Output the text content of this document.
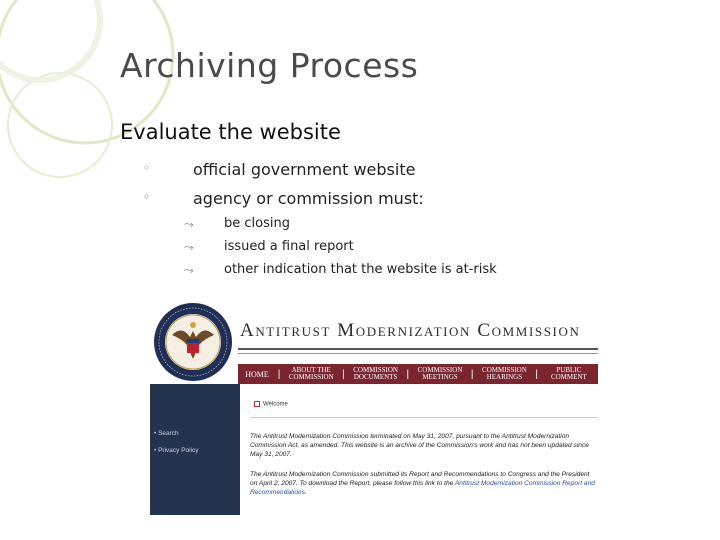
Archiving Process
Evaluate the website
◦	official government website
◦	agency or commission must:
⤳ be closing
⤳ issued a final report
⤳ other indication that the website is at-risk
Antitrust Modernization Commission
HOME |	ABOUT THE
COMMISSION |	COMMISSION
DOCUMENTS |	COMMISSION
MEETINGS	|	COMMISSION
HEARINGS	|	PUBLIC
COMMENT
• Search
• Privacy Policy
Welcome

The Antitrust Modernization Commission terminated on May 31, 2007, pursuant to the Antitrust Modernization Commission Act, as amended. This website is an archive of the Commission's work and has not been updated since May 31, 2007.

The Antitrust Modernization Commission submitted its Report and Recommendations to Congress and the President on April 2, 2007. To download the Report, please follow this link to the Antitrust Modernization Commission Report and Recommendations.
